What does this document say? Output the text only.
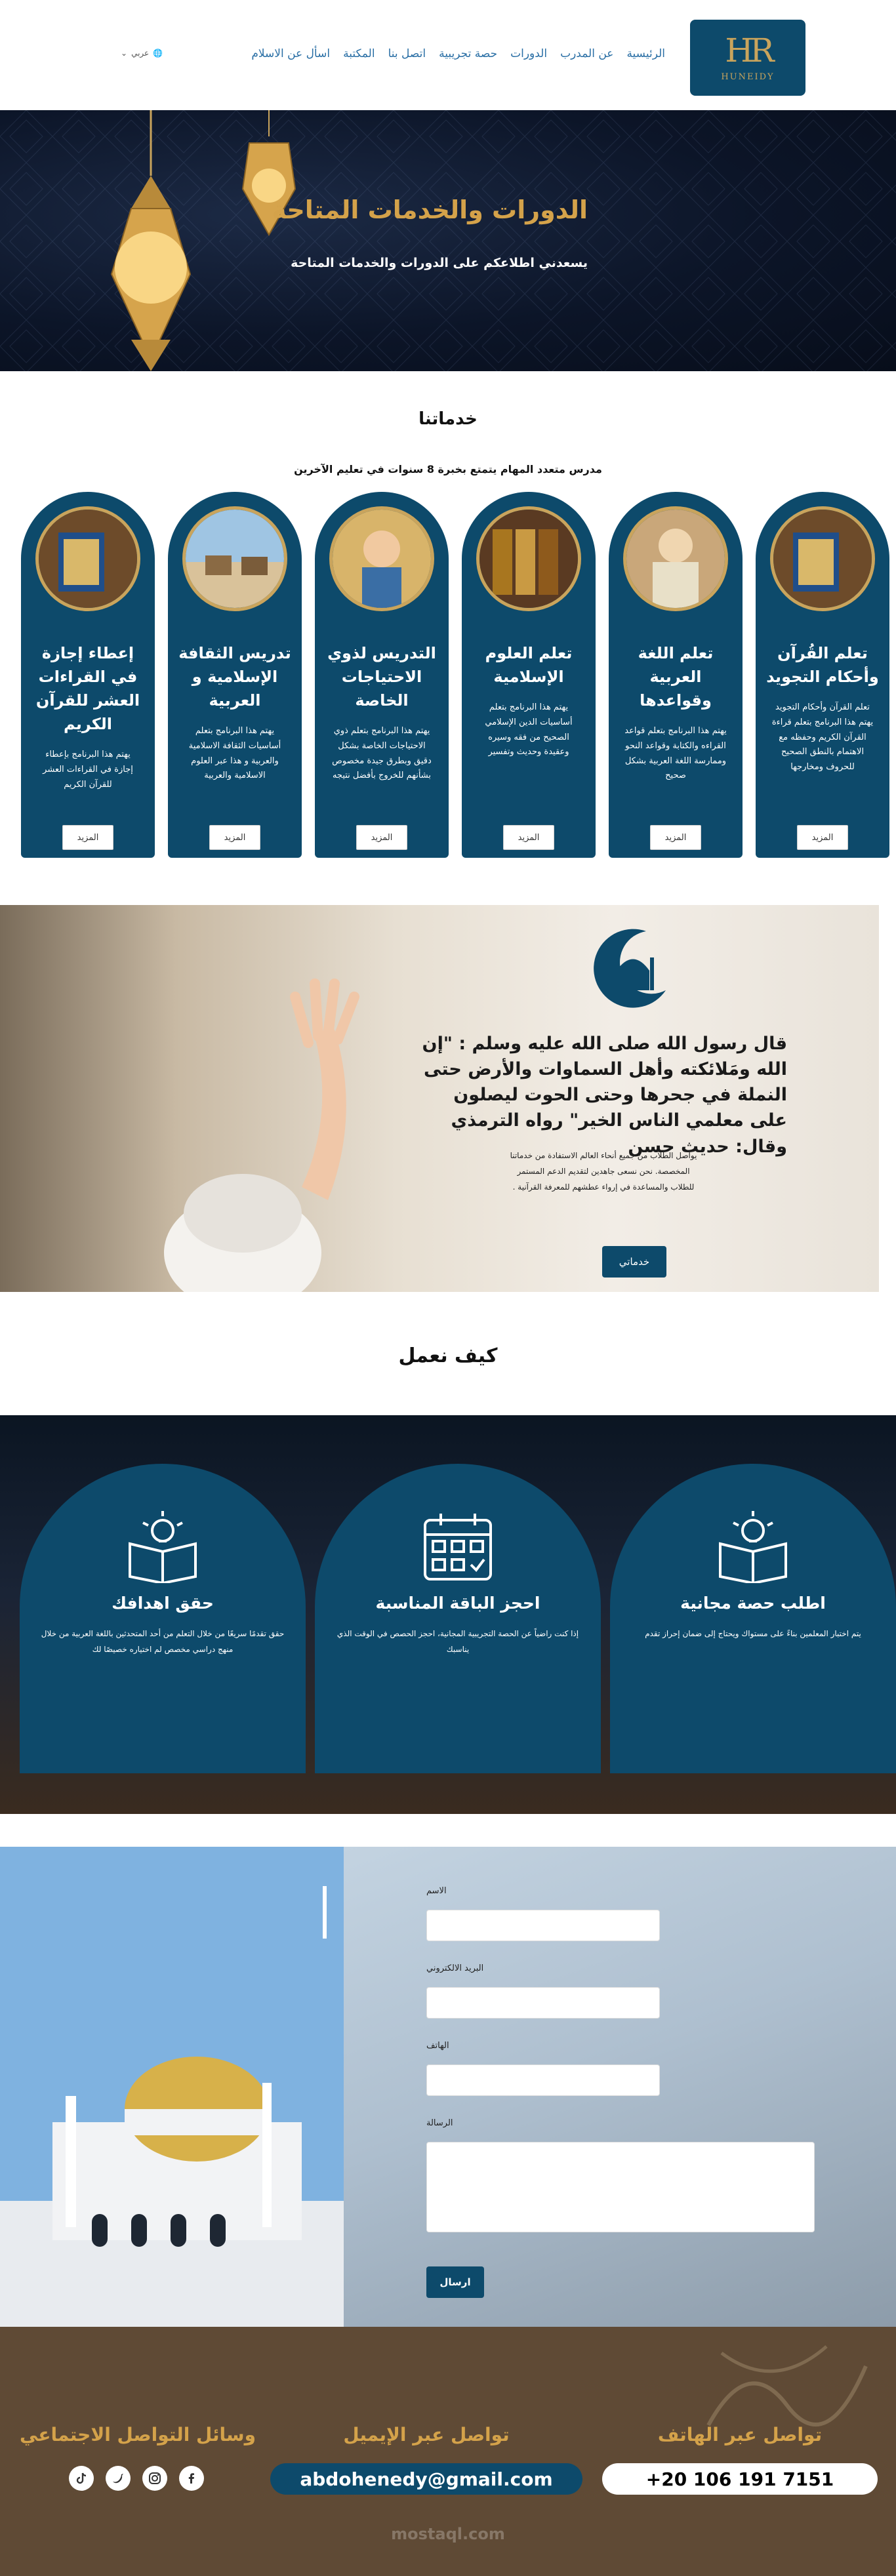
HR
HUNEIDY
الرئيسية
عن المدرب
الدورات
حصة تجريبية
اتصل بنا
المكتبة
اسأل عن الاسلام
⌄ عربي 🌐
الدورات والخدمات المتاحة
يسعدني اطلاعكم على الدورات والخدمات المتاحة
خدماتنا
مدرس متعدد المهام يتمتع بخبرة 8 سنوات في تعليم الآخرين
تعلم القُرآن وأحكام التجويد
تعلم القرآن وأحكام التجويد يهتم هذا البرنامج بتعلم قراءة القرآن الكريم وحفظه مع الاهتمام بالنطق الصحيح للحروف ومخارجها
المزيد
تعلم اللغة العربية وقواعدها
يهتم هذا البرنامج بتعلم قواعد القراءه والكتابة وقواعد النحو وممارسة اللغة العربية بشكل صحيح
المزيد
تعلم العلوم الإسلامية
يهتم هذا البرنامج بتعلم أساسيات الدين الإسلامي الصحيح من فقه وسيره وعقيدة وحديث وتفسير
المزيد
التدريس لذوي الاحتياجات الخاصة
يهتم هذا البرنامج بتعلم ذوي الاحتياجات الخاصة بشكل دقيق وبطرق جيدة مخصوص بشأنهم للخروج بأفضل نتيجه
المزيد
تدريس الثقافة الإسلامية و العربية
يهتم هذا البرنامج بتعلم أساسيات الثقافة الاسلامية والعربية و هذا عبر العلوم الاسلامية والعربية
المزيد
إعطاء إجازة في القراءات العشر للقرآن الكريم
يهتم هذا البرنامج بإعطاء إجازة في القراءات العشر للقرآن الكريم
المزيد
قال رسول الله صلى الله عليه وسلم : "إن الله ومَلائكته وأهل السماوات والأرض حتى النملة في جحرها وحتى الحوت ليصلون على معلمي الناس الخير" رواه الترمذي وقال: حديث حسن
يواصل الطلاب من جميع أنحاء العالم الاستفادة من خدماتنا المخصصة. نحن نسعى جاهدين لتقديم الدعم المستمر للطلاب والمساعدة في إرواء عطشهم للمعرفة القرآنية .
خدماتي
كيف نعمل
اطلب حصة مجانية
يتم اختبار المعلمين بناءً على مستواك ويحتاج إلى ضمان إحراز تقدم
احجز الباقة المناسبة
إذا كنت راضياً عن الحصة التجريبية المجانية، احجز الحصص في الوقت الذي يناسبك
حقق اهدافك
حقق تقدمًا سريعًا من خلال التعلم من أحد المتحدثين باللغة العربية من خلال منهج دراسي مخصص لم اختياره خصيصًا لك
الاسم
البريد الالكتروني
الهاتف
الرسالة
ارسال
تواصل عبر الهاتف
تواصل عبر الإيميل
وسائل التواصل الاجتماعي
+20 106 191 7151
abdohenedy@gmail.com
mostaql.com
